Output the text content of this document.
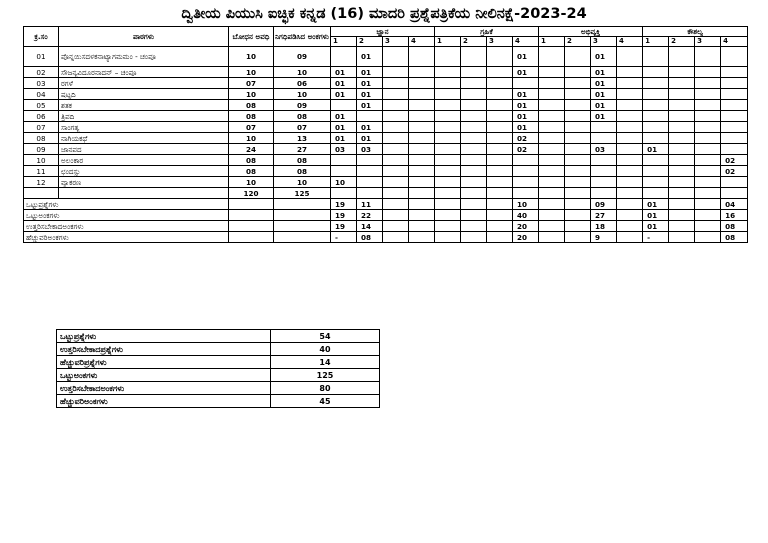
ದ್ವಿತೀಯ ಪಿಯುಸಿ ಐಚ್ಛಿಕ ಕನ್ನಡ (16) ಮಾದರಿ ಪ್ರಶ್ನೆಪತ್ರಿಕೆಯ ನೀಲಿನಕ್ಷೆ-2023-24
ಕ್ರ.ಸಂ	ಪಾಠಗಳು	ಬೋಧನ ಅವಧಿ	ನಿಗಧಿಪಡಿಸಿದ ಅಂಕಗಳು	ಜ್ಞಾನ				ಗ್ರಹಿಕೆ				ಅಭಿವ್ಯಕ್ತಿ				ಕೌಶಲ್ಯ			
				1	2	3	4	1	2	3	4	1	2	3	4	1	2	3	4
01	ಪೊನ್ನಯಿಸದಳಕನಾಟ್ಯಾಗಮಮಂ - ಚಂಪೂ	10	09		01						01			01					
02	ಸೌಜನ್ಯವಿದೂರನಾದನ್ – ಚಂಪೂ	10	10	01	01						01			01					
03	ರಗಳೆ	07	06	01	01									01					
04	ಷಟ್ಪದಿ	10	10	01	01						01			01					
05	ಶತಕ	08	09		01						01			01					
06	ತ್ರಿಪದಿ	08	08	01							01			01					
07	ಸಾಂಗತ್ಯ	07	07	01	01						01								
08	ನಾಗಿಯಕಥೆ	10	13	01	01						02								
09	ಜಾನಪದ	24	27	03	03						02			03		01			
10	ಅಲಂಕಾರ	08	08																02
11	ಛಂದಸ್ಸು	08	08																02
12	ವ್ಯಾಕರಣ	10	10	10															
		120	125																
ಒಟ್ಟುಪ್ರಶ್ನೆಗಳು				19	11						10			09		01			04
ಒಟ್ಟುಅಂಕಗಳು				19	22						40			27		01			16
ಉತ್ತರಿಸಬೇಕಾದಅಂಕಗಳು				19	14						20			18		01			08
ಹೆಚ್ಚುವರಿಅಂಕಗಳು				-	08						20			9		-			08
ಒಟ್ಟುಪ್ರಶ್ನೆಗಳು	54
ಉತ್ತರಿಸಬೇಕಾದಪ್ರಶ್ನೆಗಳು	40
ಹೆಚ್ಚುವರಿಪ್ರಶ್ನೆಗಳು	14
ಒಟ್ಟುಅಂಕಗಳು	125
ಉತ್ತರಿಸಬೇಕಾದಅಂಕಗಳು	80
ಹೆಚ್ಚುವರಿಅಂಕಗಳು	45
